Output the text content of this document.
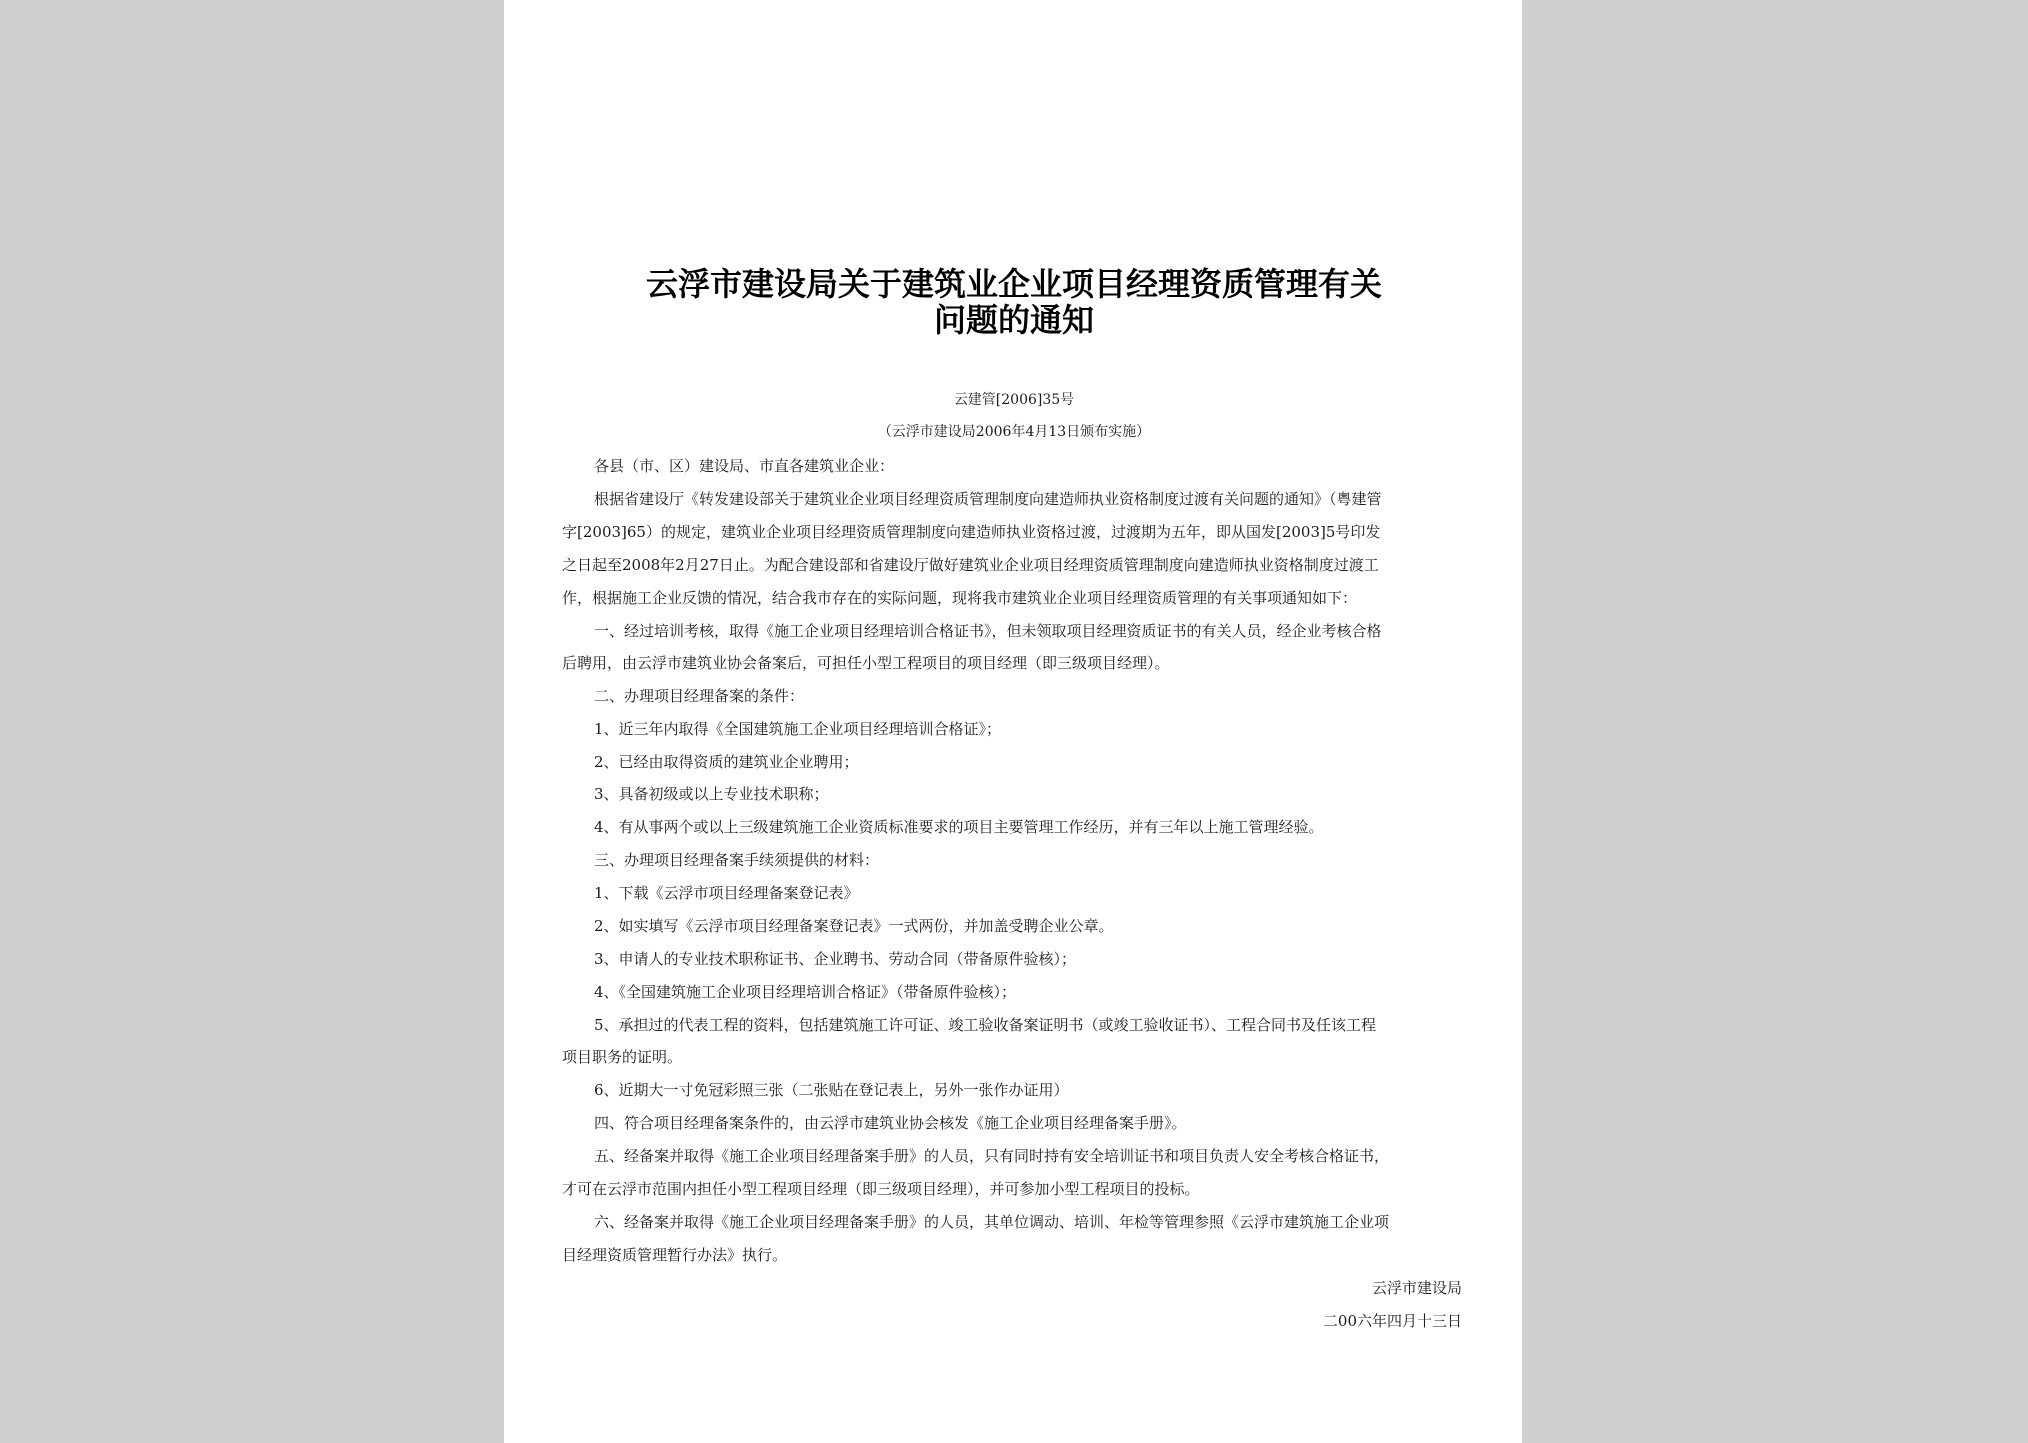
云浮市建设局关于建筑业企业项目经理资质管理有关
问题的通知
云建管[2006]35号
（云浮市建设局2006年4月13日颁布实施）
各县（市、区）建设局、市直各建筑业企业：
根据省建设厅《转发建设部关于建筑业企业项目经理资质管理制度向建造师执业资格制度过渡有关问题的通知》（粤建管
字[2003]65）的规定，建筑业企业项目经理资质管理制度向建造师执业资格过渡，过渡期为五年，即从国发[2003]5号印发
之日起至2008年2月27日止。为配合建设部和省建设厅做好建筑业企业项目经理资质管理制度向建造师执业资格制度过渡工
作，根据施工企业反馈的情况，结合我市存在的实际问题，现将我市建筑业企业项目经理资质管理的有关事项通知如下：
一、经过培训考核，取得《施工企业项目经理培训合格证书》，但未领取项目经理资质证书的有关人员，经企业考核合格
后聘用，由云浮市建筑业协会备案后，可担任小型工程项目的项目经理（即三级项目经理）。
二、办理项目经理备案的条件：
1、近三年内取得《全国建筑施工企业项目经理培训合格证》；
2、已经由取得资质的建筑业企业聘用；
3、具备初级或以上专业技术职称；
4、有从事两个或以上三级建筑施工企业资质标准要求的项目主要管理工作经历，并有三年以上施工管理经验。
三、办理项目经理备案手续须提供的材料：
1、下载《云浮市项目经理备案登记表》
2、如实填写《云浮市项目经理备案登记表》一式两份，并加盖受聘企业公章。
3、申请人的专业技术职称证书、企业聘书、劳动合同（带备原件验核）；
4、《全国建筑施工企业项目经理培训合格证》（带备原件验核）；
5、承担过的代表工程的资料，包括建筑施工许可证、竣工验收备案证明书（或竣工验收证书）、工程合同书及任该工程
项目职务的证明。
6、近期大一寸免冠彩照三张（二张贴在登记表上，另外一张作办证用）
四、符合项目经理备案条件的，由云浮市建筑业协会核发《施工企业项目经理备案手册》。
五、经备案并取得《施工企业项目经理备案手册》的人员，只有同时持有安全培训证书和项目负责人安全考核合格证书，
才可在云浮市范围内担任小型工程项目经理（即三级项目经理），并可参加小型工程项目的投标。
六、经备案并取得《施工企业项目经理备案手册》的人员，其单位调动、培训、年检等管理参照《云浮市建筑施工企业项
目经理资质管理暂行办法》执行。
云浮市建设局
二00六年四月十三日
